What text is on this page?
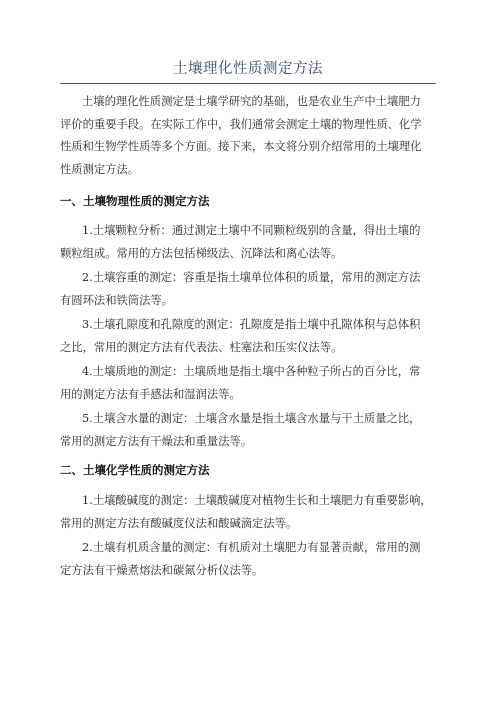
土壤理化性质测定方法
土壤的理化性质测定是土壤学研究的基础，也是农业生产中土壤肥力
评价的重要手段。在实际工作中，我们通常会测定土壤的物理性质、化学
性质和生物学性质等多个方面。接下来，本文将分别介绍常用的土壤理化
性质测定方法。
一、土壤物理性质的测定方法
1.土壤颗粒分析：通过测定土壤中不同颗粒级别的含量，得出土壤的
颗粒组成。常用的方法包括梯级法、沉降法和离心法等。
2.土壤容重的测定：容重是指土壤单位体积的质量，常用的测定方法
有圆环法和铁筒法等。
3.土壤孔隙度和孔隙度的测定：孔隙度是指土壤中孔隙体积与总体积
之比，常用的测定方法有代表法、柱塞法和压实仪法等。
4.土壤质地的测定：土壤质地是指土壤中各种粒子所占的百分比，常
用的测定方法有手感法和湿润法等。
5.土壤含水量的测定：土壤含水量是指土壤含水量与干土质量之比，
常用的测定方法有干燥法和重量法等。
二、土壤化学性质的测定方法
1.土壤酸碱度的测定：土壤酸碱度对植物生长和土壤肥力有重要影响，
常用的测定方法有酸碱度仪法和酸碱滴定法等。
2.土壤有机质含量的测定：有机质对土壤肥力有显著贡献，常用的测
定方法有干燥煮熔法和碳氮分析仪法等。
